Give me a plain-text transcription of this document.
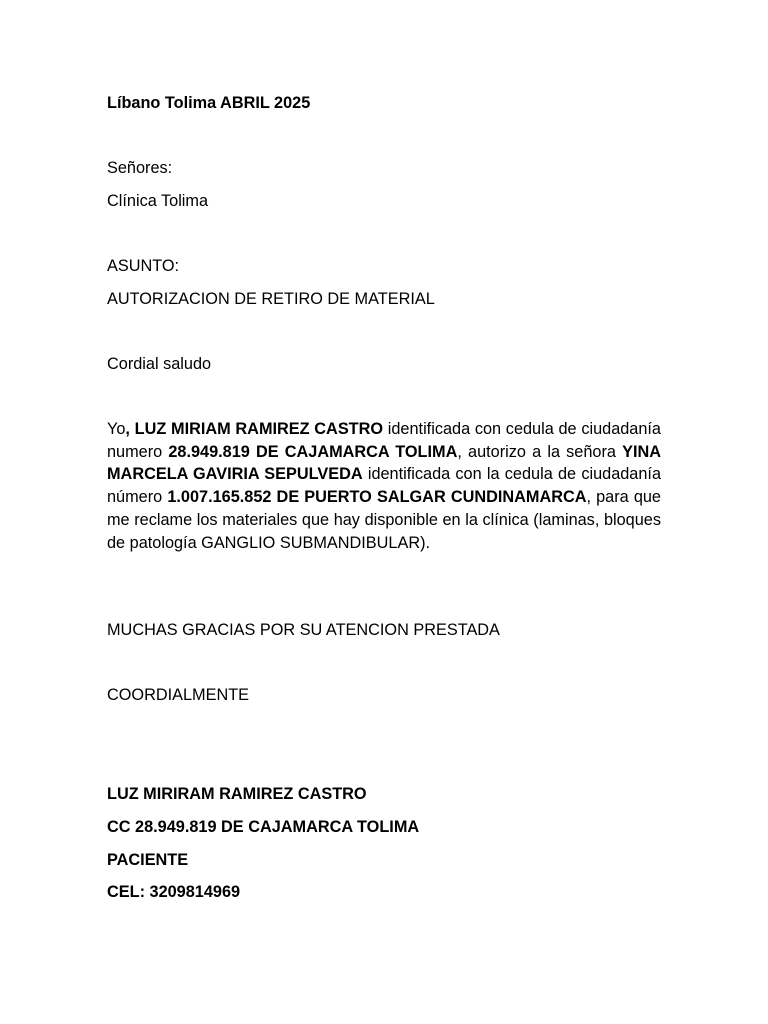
Líbano Tolima ABRIL 2025
Señores:
Clínica Tolima
ASUNTO:
AUTORIZACION DE RETIRO DE MATERIAL
Cordial saludo
Yo, LUZ MIRIAM RAMIREZ CASTRO identificada con cedula de ciudadanía numero 28.949.819 DE CAJAMARCA TOLIMA, autorizo a la señora YINA MARCELA GAVIRIA SEPULVEDA identificada con la cedula de ciudadanía número 1.007.165.852 DE PUERTO SALGAR CUNDINAMARCA, para que me reclame los materiales que hay disponible en la clínica (laminas, bloques de patología GANGLIO SUBMANDIBULAR).
MUCHAS GRACIAS POR SU ATENCION PRESTADA
COORDIALMENTE
LUZ MIRIRAM RAMIREZ CASTRO
CC 28.949.819 DE CAJAMARCA TOLIMA
PACIENTE
CEL: 3209814969
